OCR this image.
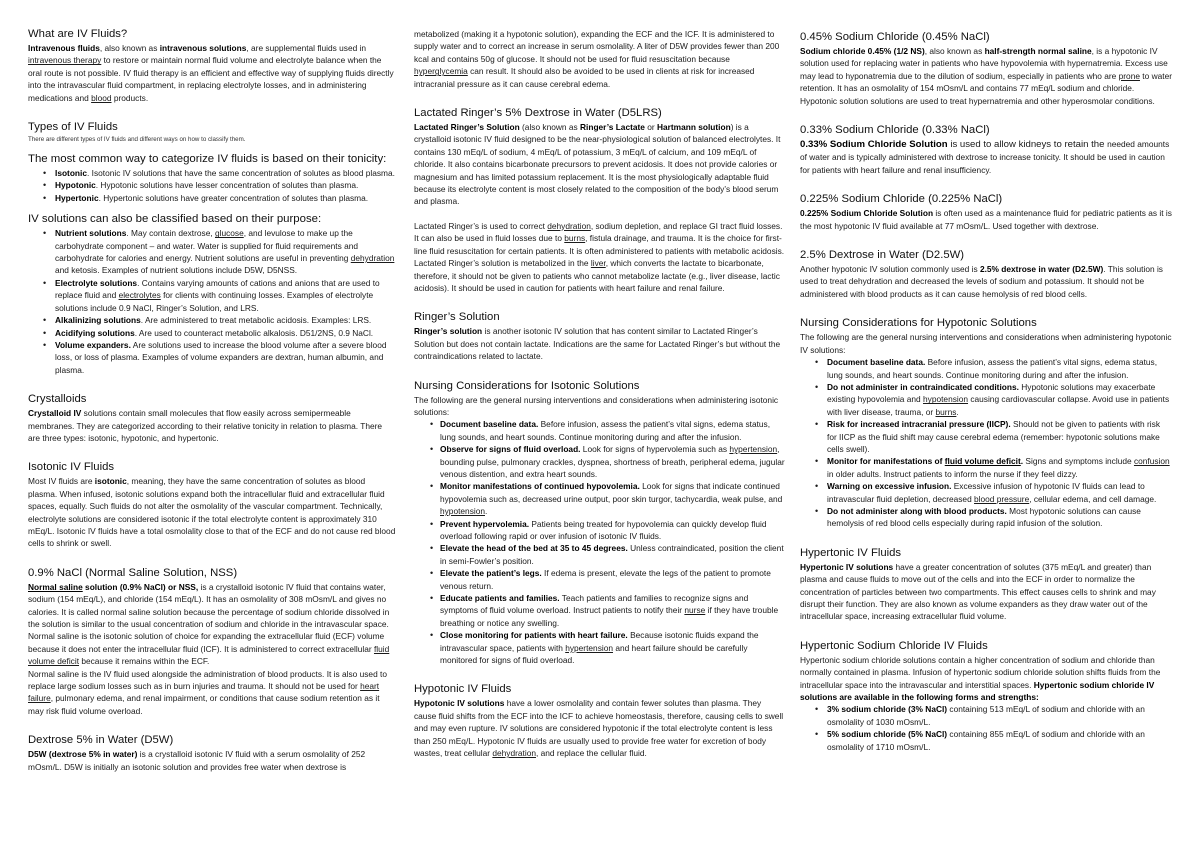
What are IV Fluids?

Intravenous fluids, also known as intravenous solutions, are supplemental fluids used in intravenous therapy to restore or maintain normal fluid volume and electrolyte balance when the oral route is not possible. IV fluid therapy is an efficient and effective way of supplying fluids directly into the intravascular fluid compartment, in replacing electrolyte losses, and in administering medications and blood products.

Types of IV Fluids

There are different types of IV fluids and different ways on how to classify them.

The most common way to categorize IV fluids is based on their tonicity:
• Isotonic. Isotonic IV solutions that have the same concentration of solutes as blood plasma.
• Hypotonic. Hypotonic solutions have lesser concentration of solutes than plasma.
• Hypertonic. Hypertonic solutions have greater concentration of solutes than plasma.
IV solutions can also be classified based on their purpose:
• Nutrient solutions. May contain dextrose, glucose, and levulose to make up the carbohydrate component – and water. Water is supplied for fluid requirements and carbohydrate for calories and energy. Nutrient solutions are useful in preventing dehydration and ketosis. Examples of nutrient solutions include D5W, D5NSS.
• Electrolyte solutions. Contains varying amounts of cations and anions that are used to replace fluid and electrolytes for clients with continuing losses. Examples of electrolyte solutions include 0.9 NaCl, Ringer’s Solution, and LRS.
• Alkalinizing solutions. Are administered to treat metabolic acidosis. Examples: LRS.
• Acidifying solutions. Are used to counteract metabolic alkalosis. D51/2NS, 0.9 NaCl.
• Volume expanders. Are solutions used to increase the blood volume after a severe blood loss, or loss of plasma. Examples of volume expanders are dextran, human albumin, and plasma.
Crystalloids

Crystalloid IV solutions contain small molecules that flow easily across semipermeable membranes. They are categorized according to their relative tonicity in relation to plasma. There are three types: isotonic, hypotonic, and hypertonic.

Isotonic IV Fluids

Most IV fluids are isotonic, meaning, they have the same concentration of solutes as blood plasma. When infused, isotonic solutions expand both the intracellular fluid and extracellular fluid spaces, equally. Such fluids do not alter the osmolality of the vascular compartment. Technically, electrolyte solutions are considered isotonic if the total electrolyte content is approximately 310 mEq/L. Isotonic IV fluids have a total osmolality close to that of the ECF and do not cause red blood cells to shrink or swell.

0.9% NaCl (Normal Saline Solution, NSS)

Normal saline solution (0.9% NaCl) or NSS, is a crystalloid isotonic IV fluid that contains water, sodium (154 mEq/L), and chloride (154 mEq/L). It has an osmolality of 308 mOsm/L and gives no calories. It is called normal saline solution because the percentage of sodium chloride dissolved in the solution is similar to the usual concentration of sodium and chloride in the intravascular space. Normal saline is the isotonic solution of choice for expanding the extracellular fluid (ECF) volume because it does not enter the intracellular fluid (ICF). It is administered to correct extracellular fluid volume deficit because it remains within the ECF.

Normal saline is the IV fluid used alongside the administration of blood products. It is also used to replace large sodium losses such as in burn injuries and trauma. It should not be used for heart failure, pulmonary edema, and renal impairment, or conditions that cause sodium retention as it may risk fluid volume overload.

Dextrose 5% in Water (D5W)

D5W (dextrose 5% in water) is a crystalloid isotonic IV fluid with a serum osmolality of 252 mOsm/L. D5W is initially an isotonic solution and provides free water when dextrose is

metabolized (making it a hypotonic solution), expanding the ECF and the ICF. It is administered to supply water and to correct an increase in serum osmolality. A liter of D5W provides fewer than 200 kcal and contains 50g of glucose. It should not be used for fluid resuscitation because hyperglycemia can result. It should also be avoided to be used in clients at risk for increased intracranial pressure as it can cause cerebral edema.

Lactated Ringer’s 5% Dextrose in Water (D5LRS)

Lactated Ringer’s Solution (also known as Ringer’s Lactate or Hartmann solution) is a crystalloid isotonic IV fluid designed to be the near-physiological solution of balanced electrolytes. It contains 130 mEq/L of sodium, 4 mEq/L of potassium, 3 mEq/L of calcium, and 109 mEq/L of chloride. It also contains bicarbonate precursors to prevent acidosis. It does not provide calories or magnesium and has limited potassium replacement. It is the most physiologically adaptable fluid because its electrolyte content is most closely related to the composition of the body’s blood serum and plasma.

Lactated Ringer’s is used to correct dehydration, sodium depletion, and replace GI tract fluid losses. It can also be used in fluid losses due to burns, fistula drainage, and trauma. It is the choice for first-line fluid resuscitation for certain patients. It is often administered to patients with metabolic acidosis.

Lactated Ringer’s solution is metabolized in the liver, which converts the lactate to bicarbonate, therefore, it should not be given to patients who cannot metabolize lactate (e.g., liver disease, lactic acidosis). It should be used in caution for patients with heart failure and renal failure.

Ringer’s Solution

Ringer’s solution is another isotonic IV solution that has content similar to Lactated Ringer’s Solution but does not contain lactate. Indications are the same for Lactated Ringer’s but without the contraindications related to lactate.

Nursing Considerations for Isotonic Solutions

The following are the general nursing interventions and considerations when administering isotonic solutions:

• Document baseline data. Before infusion, assess the patient’s vital signs, edema status, lung sounds, and heart sounds. Continue monitoring during and after the infusion.
• Observe for signs of fluid overload. Look for signs of hypervolemia such as hypertension, bounding pulse, pulmonary crackles, dyspnea, shortness of breath, peripheral edema, jugular venous distention, and extra heart sounds.
• Monitor manifestations of continued hypovolemia. Look for signs that indicate continued hypovolemia such as, decreased urine output, poor skin turgor, tachycardia, weak pulse, and hypotension.
• Prevent hypervolemia. Patients being treated for hypovolemia can quickly develop fluid overload following rapid or over infusion of isotonic IV fluids.
• Elevate the head of the bed at 35 to 45 degrees. Unless contraindicated, position the client in semi-Fowler’s position.
• Elevate the patient’s legs. If edema is present, elevate the legs of the patient to promote venous return.
• Educate patients and families. Teach patients and families to recognize signs and symptoms of fluid volume overload. Instruct patients to notify their nurse if they have trouble breathing or notice any swelling.
• Close monitoring for patients with heart failure. Because isotonic fluids expand the intravascular space, patients with hypertension and heart failure should be carefully monitored for signs of fluid overload.
Hypotonic IV Fluids

Hypotonic IV solutions have a lower osmolality and contain fewer solutes than plasma. They cause fluid shifts from the ECF into the ICF to achieve homeostasis, therefore, causing cells to swell and may even rupture. IV solutions are considered hypotonic if the total electrolyte content is less than 250 mEq/L. Hypotonic IV fluids are usually used to provide free water for excretion of body wastes, treat cellular dehydration, and replace the cellular fluid.

0.45% Sodium Chloride (0.45% NaCl)

Sodium chloride 0.45% (1/2 NS), also known as half-strength normal saline, is a hypotonic IV solution used for replacing water in patients who have hypovolemia with hypernatremia. Excess use may lead to hyponatremia due to the dilution of sodium, especially in patients who are prone to water retention. It has an osmolality of 154 mOsm/L and contains 77 mEq/L sodium and chloride. Hypotonic solution solutions are used to treat hypernatremia and other hyperosmolar conditions.

0.33% Sodium Chloride (0.33% NaCl)

0.33% Sodium Chloride Solution is used to allow kidneys to retain the needed amounts of water and is typically administered with dextrose to increase tonicity. It should be used in caution for patients with heart failure and renal insufficiency.

0.225% Sodium Chloride (0.225% NaCl)

0.225% Sodium Chloride Solution is often used as a maintenance fluid for pediatric patients as it is the most hypotonic IV fluid available at 77 mOsm/L. Used together with dextrose.

2.5% Dextrose in Water (D2.5W)

Another hypotonic IV solution commonly used is 2.5% dextrose in water (D2.5W). This solution is used to treat dehydration and decreased the levels of sodium and potassium. It should not be administered with blood products as it can cause hemolysis of red blood cells.

Nursing Considerations for Hypotonic Solutions

The following are the general nursing interventions and considerations when administering hypotonic IV solutions:

• Document baseline data. Before infusion, assess the patient’s vital signs, edema status, lung sounds, and heart sounds. Continue monitoring during and after the infusion.
• Do not administer in contraindicated conditions. Hypotonic solutions may exacerbate existing hypovolemia and hypotension causing cardiovascular collapse. Avoid use in patients with liver disease, trauma, or burns.
• Risk for increased intracranial pressure (IICP). Should not be given to patients with risk for IICP as the fluid shift may cause cerebral edema (remember: hypotonic solutions make cells swell).
• Monitor for manifestations of fluid volume deficit. Signs and symptoms include confusion in older adults. Instruct patients to inform the nurse if they feel dizzy.
• Warning on excessive infusion. Excessive infusion of hypotonic IV fluids can lead to intravascular fluid depletion, decreased blood pressure, cellular edema, and cell damage.
• Do not administer along with blood products. Most hypotonic solutions can cause hemolysis of red blood cells especially during rapid infusion of the solution.
Hypertonic IV Fluids

Hypertonic IV solutions have a greater concentration of solutes (375 mEq/L and greater) than plasma and cause fluids to move out of the cells and into the ECF in order to normalize the concentration of particles between two compartments. This effect causes cells to shrink and may disrupt their function. They are also known as volume expanders as they draw water out of the intracellular space, increasing extracellular fluid volume.

Hypertonic Sodium Chloride IV Fluids

Hypertonic sodium chloride solutions contain a higher concentration of sodium and chloride than normally contained in plasma. Infusion of hypertonic sodium chloride solution shifts fluids from the intracellular space into the intravascular and interstitial spaces. Hypertonic sodium chloride IV solutions are available in the following forms and strengths:

• 3% sodium chloride (3% NaCl) containing 513 mEq/L of sodium and chloride with an osmolality of 1030 mOsm/L.
• 5% sodium chloride (5% NaCl) containing 855 mEq/L of sodium and chloride with an osmolality of 1710 mOsm/L.
